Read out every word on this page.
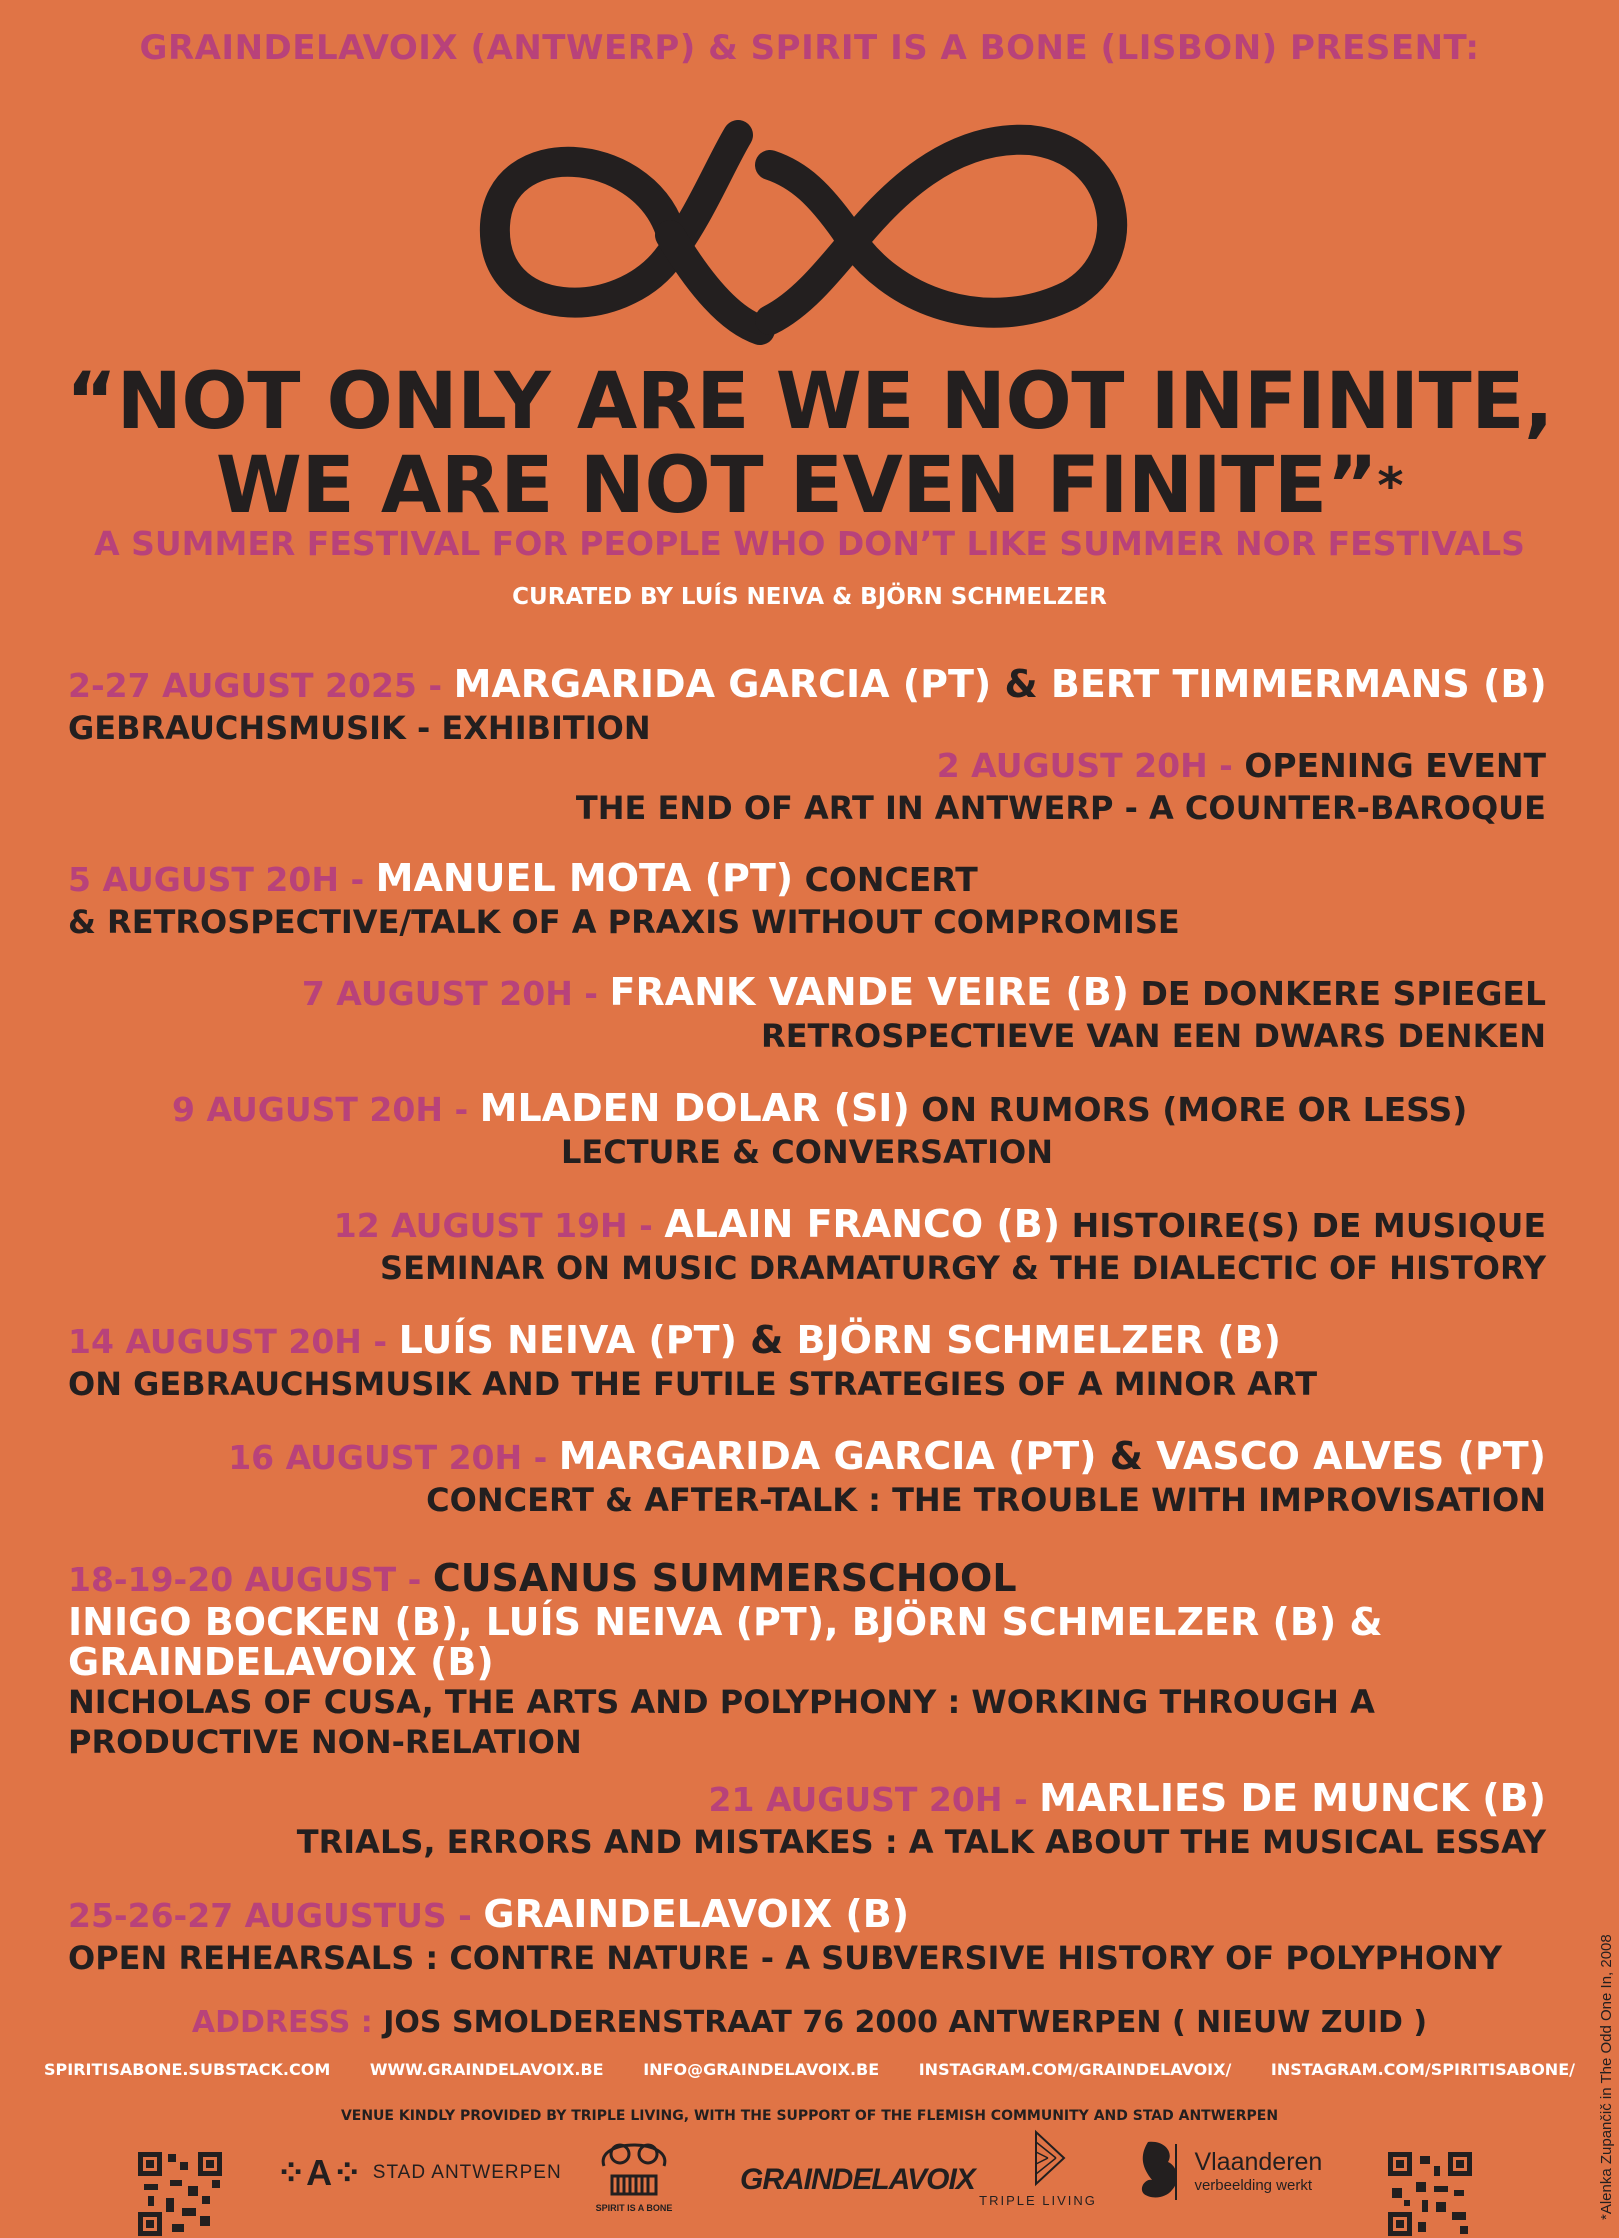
GRAINDELAVOIX (ANTWERP) & SPIRIT IS A BONE (LISBON) PRESENT:
“NOT ONLY ARE WE NOT INFINITE,
WE ARE NOT EVEN FINITE”*
A SUMMER FESTIVAL FOR PEOPLE WHO DON’T LIKE SUMMER NOR FESTIVALS
CURATED BY LUÍS NEIVA & BJÖRN SCHMELZER
2-27 AUGUST 2025 - MARGARIDA GARCIA (PT) & BERT TIMMERMANS (B)
GEBRAUCHSMUSIK - EXHIBITION
2 AUGUST 20H - OPENING EVENT
THE END OF ART IN ANTWERP - A COUNTER-BAROQUE
5 AUGUST 20H - MANUEL MOTA (PT) CONCERT
& RETROSPECTIVE/TALK OF A PRAXIS WITHOUT COMPROMISE
7 AUGUST 20H - FRANK VANDE VEIRE (B) DE DONKERE SPIEGEL
RETROSPECTIEVE VAN EEN DWARS DENKEN
9 AUGUST 20H - MLADEN DOLAR (SI) ON RUMORS (MORE OR LESS)
LECTURE & CONVERSATION
12 AUGUST 19H - ALAIN FRANCO (B) HISTOIRE(S) DE MUSIQUE
SEMINAR ON MUSIC DRAMATURGY & THE DIALECTIC OF HISTORY
14 AUGUST 20H - LUÍS NEIVA (PT) & BJÖRN SCHMELZER (B)
ON GEBRAUCHSMUSIK AND THE FUTILE STRATEGIES OF A MINOR ART
16 AUGUST 20H - MARGARIDA GARCIA (PT) & VASCO ALVES (PT)
CONCERT & AFTER-TALK : THE TROUBLE WITH IMPROVISATION
18-19-20 AUGUST - CUSANUS SUMMERSCHOOL
INIGO BOCKEN (B), LUÍS NEIVA (PT), BJÖRN SCHMELZER (B) & GRAINDELAVOIX (B)
NICHOLAS OF CUSA, THE ARTS AND POLYPHONY : WORKING THROUGH A PRODUCTIVE NON-RELATION
21 AUGUST 20H - MARLIES DE MUNCK (B)
TRIALS, ERRORS AND MISTAKES : A TALK ABOUT THE MUSICAL ESSAY
25-26-27 AUGUSTUS - GRAINDELAVOIX (B)
OPEN REHEARSALS : CONTRE NATURE - A SUBVERSIVE HISTORY OF POLYPHONY
ADDRESS : JOS SMOLDERENSTRAAT 76 2000 ANTWERPEN ( NIEUW ZUID )
SPIRITISABONE.SUBSTACK.COM WWW.GRAINDELAVOIX.BE INFO@GRAINDELAVOIX.BE INSTAGRAM.COM/GRAINDELAVOIX/ INSTAGRAM.COM/SPIRITISABONE/
VENUE KINDLY PROVIDED BY TRIPLE LIVING, WITH THE SUPPORT OF THE FLEMISH COMMUNITY AND STAD ANTWERPEN
⁘A⁘ STAD ANTWERPEN
SPIRIT IS A BONE
GRAINDELAVOIX
TRIPLE LIVING

Vlaanderen
verbeelding werkt	*Alenka Zupančič in The Odd One In, 2008
